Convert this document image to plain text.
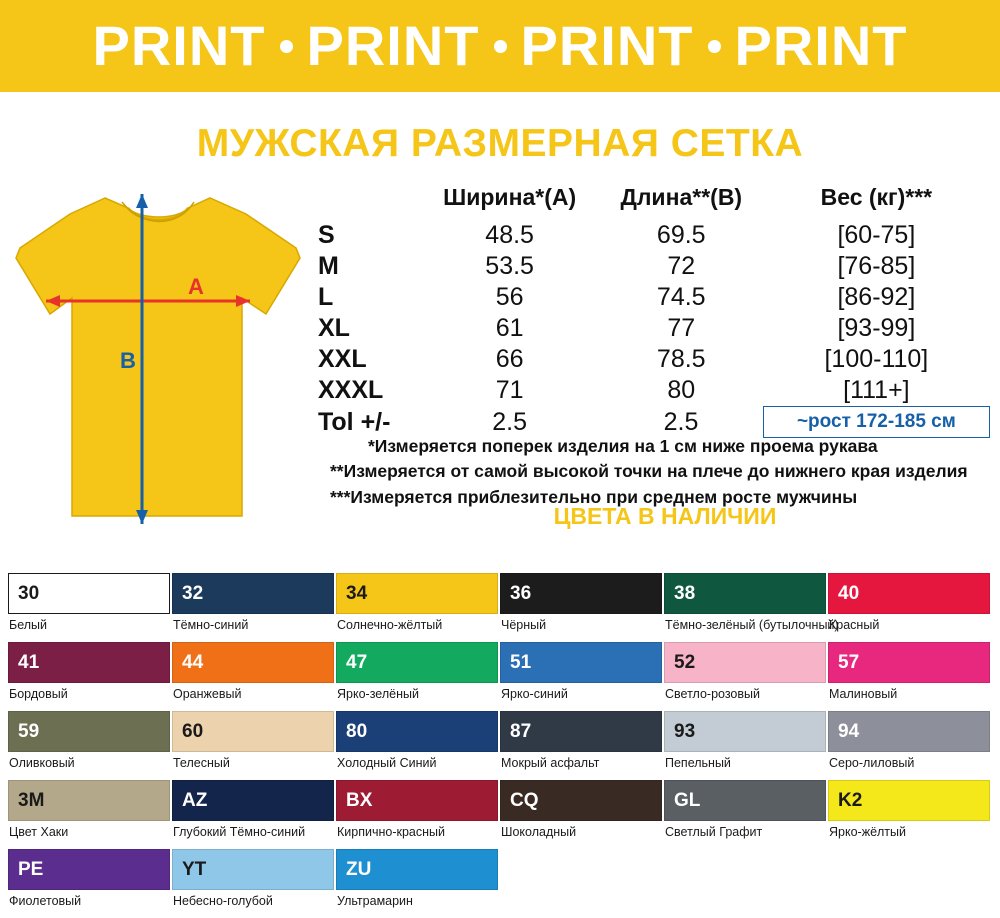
PRINT PRINT PRINT PRINT
МУЖСКАЯ РАЗМЕРНАЯ СЕТКА
A
B
	Ширина*(A)	Длина**(B)	Вес (кг)***
S	48.5	69.5	[60-75]
M	53.5	72	[76-85]
L	56	74.5	[86-92]
XL	61	77	[93-99]
XXL	66	78.5	[100-110]
XXXL	71	80	[111+]
Tol +/-	2.5	2.5	~рост 172-185 см
*Измеряется поперек изделия на 1 см ниже проема рукава
**Измеряется от самой высокой точки на плече до нижнего края изделия
***Измеряется приблезительно при среднем росте мужчины
ЦВЕТА В НАЛИЧИИ
30
Белый
32
Тёмно-синий
34
Солнечно-жёлтый
36
Чёрный
38
Тёмно-зелёный (бутылочный)
40
Красный
41
Бордовый
44
Оранжевый
47
Ярко-зелёный
51
Ярко-синий
52
Светло-розовый
57
Малиновый
59
Оливковый
60
Телесный
80
Холодный Синий
87
Мокрый асфальт
93
Пепельный
94
Серо-лиловый
3M
Цвет Хаки
AZ
Глубокий Тёмно-синий
BX
Кирпично-красный
CQ
Шоколадный
GL
Светлый Графит
K2
Ярко-жёлтый
PE
Фиолетовый
YT
Небесно-голубой
ZU
Ультрамарин
